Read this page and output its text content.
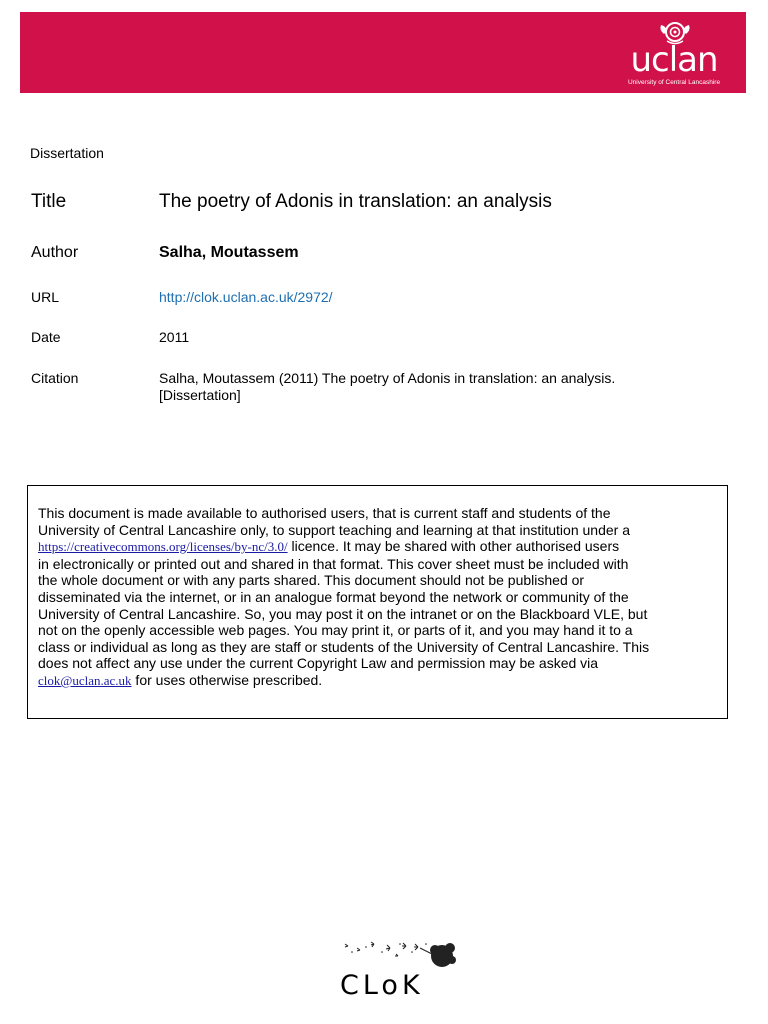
uclan
University of Central Lancashire
Dissertation
Title	The poetry of Adonis in translation: an analysis
Author	Salha, Moutassem
URL	http://clok.uclan.ac.uk/2972/
Date	2011
Citation	Salha, Moutassem (2011) The poetry of Adonis in translation: an analysis.
[Dissertation]
This document is made available to authorised users, that is current staff and students of the
University of Central Lancashire only, to support teaching and learning at that institution under a
https://creativecommons.org/licenses/by-nc/3.0/ licence. It may be shared with other authorised users
in electronically or printed out and shared in that format. This cover sheet must be included with
the whole document or with any parts shared. This document should not be published or
disseminated via the internet, or in an analogue format beyond the network or community of the
University of Central Lancashire. So, you may post it on the intranet or on the Blackboard VLE, but
not on the openly accessible web pages. You may print it, or parts of it, and you may hand it to a
class or individual as long as they are staff or students of the University of Central Lancashire. This
does not affect any use under the current Copyright Law and permission may be asked via
clok@uclan.ac.uk for uses otherwise prescribed.
CLoK
